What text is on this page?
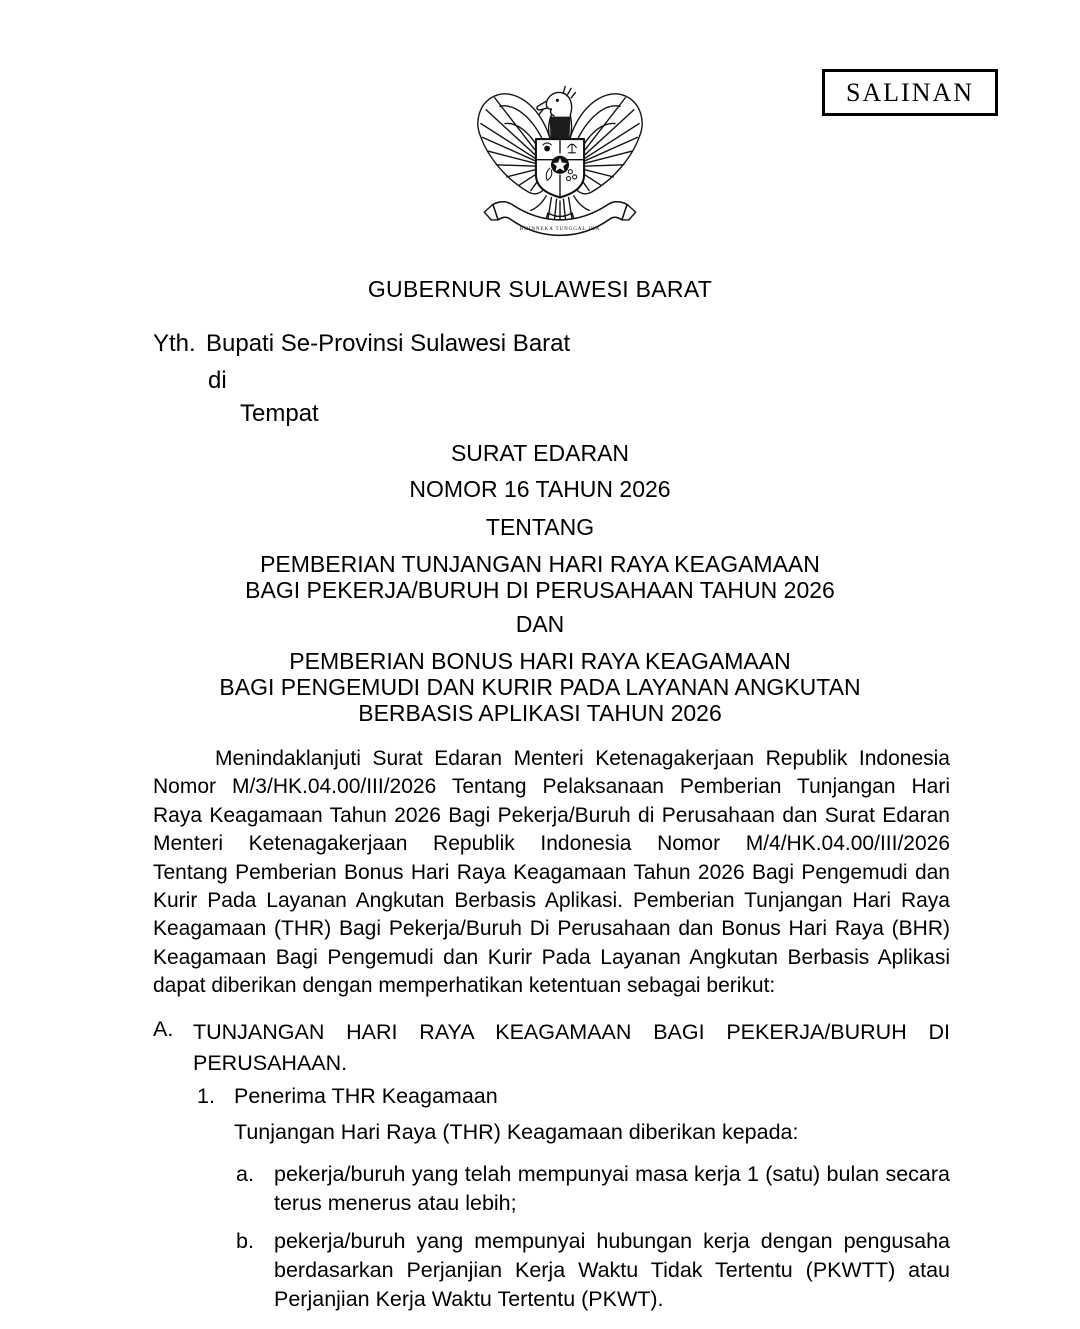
SALINAN
BHINNEKA TUNGGAL IKA
GUBERNUR SULAWESI BARAT
Yth. Bupati Se-Provinsi Sulawesi Barat
di
Tempat
SURAT EDARAN
NOMOR 16 TAHUN 2026
TENTANG
PEMBERIAN TUNJANGAN HARI RAYA KEAGAMAAN
BAGI PEKERJA/BURUH DI PERUSAHAAN TAHUN 2026
DAN
PEMBERIAN BONUS HARI RAYA KEAGAMAAN
BAGI PENGEMUDI DAN KURIR PADA LAYANAN ANGKUTAN
BERBASIS APLIKASI TAHUN 2026
Menindaklanjuti Surat Edaran Menteri Ketenagakerjaan Republik Indonesia
Nomor M/3/HK.04.00/III/2026 Tentang Pelaksanaan Pemberian Tunjangan Hari
Raya Keagamaan Tahun 2026 Bagi Pekerja/Buruh di Perusahaan dan Surat Edaran
Menteri Ketenagakerjaan Republik Indonesia Nomor M/4/HK.04.00/III/2026
Tentang Pemberian Bonus Hari Raya Keagamaan Tahun 2026 Bagi Pengemudi dan
Kurir Pada Layanan Angkutan Berbasis Aplikasi. Pemberian Tunjangan Hari Raya
Keagamaan (THR) Bagi Pekerja/Buruh Di Perusahaan dan Bonus Hari Raya (BHR)
Keagamaan Bagi Pengemudi dan Kurir Pada Layanan Angkutan Berbasis Aplikasi
dapat diberikan dengan memperhatikan ketentuan sebagai berikut:
A. TUNJANGAN HARI RAYA KEAGAMAAN BAGI PEKERJA/BURUH DI
PERUSAHAAN.
1. Penerima THR Keagamaan
Tunjangan Hari Raya (THR) Keagamaan diberikan kepada:
a. pekerja/buruh yang telah mempunyai masa kerja 1 (satu) bulan secara
terus menerus atau lebih;
b. pekerja/buruh yang mempunyai hubungan kerja dengan pengusaha
berdasarkan Perjanjian Kerja Waktu Tidak Tertentu (PKWTT) atau
Perjanjian Kerja Waktu Tertentu (PKWT).
